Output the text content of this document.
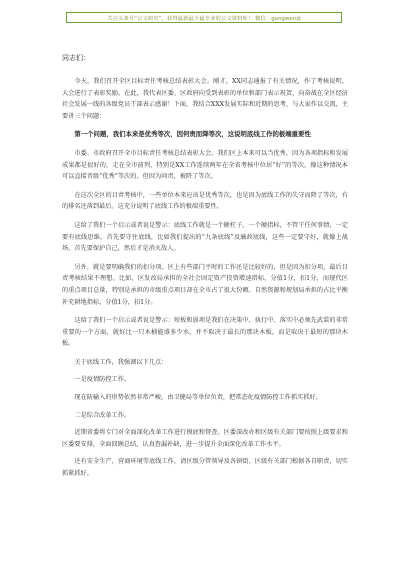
关注头条号“公文研究”，获得最新最全最专业的公文资料库！ 微信：gongwenzj
同志们：

今天，我们召开全区目标责任考核总结表彰大会。刚才，XX同志通报了有关情况，作了考核说明，大会进行了表彰奖励。在此，我代表区委、区政府向受到表彰的单位和部门表示祝贺，向奋战在全区经济社会发展一线的各级党员干部表示感谢！下面，我结合XXX发展实际和近期的思考，与大家作以交流，主要讲三个问题：

第一个问题，我们本来是优秀等次，因何贵而降等次，这说明底线工作的极端重要性

市委、市政府召开全市目标责任考核总结表彰大会。我们区上本来可以当优秀，因为各项指标和发展成果都是很好的，走在全市前列，特别是XX工作连续两年在全省考核中位居“好”的等次，像这种情况本可以直接晋级“优秀”等次的。但因为问责，被降了等次。

在这次全区的目责考核中，一些单位本来应该是优秀等次，也是因为底线工作的失守而降了等次，有的排名还落到最后。这充分说明了底线工作的极端重要性。

这给了我们一个启示或者说是警示：底线工作就是一个硬杠子、一个硬指标，不管干任何事情，一定要有底线思维，首先要守住底线，比如我们提出的“九条底线”及廉政底线，这些一定要守好，就像上战场，首先要保护自己，然后才是消灭敌人。

另外，就是要明确我们的扣分项。区上有些部门平时的工作还是比较好的，但是因为扣分项，最后目责考核结果不理想。比如，区发改局承担的全社会固定资产投资增速指标，分值1分，扣1分，而现代区的重点项目总量，特别是承担的市级重点项目却在全市占了很大份额。自然资源和规划局承担的占比平衡补充耕地指标，分值1分，扣1分。

这给了我们一个启示或者说是警示：短板和弱项是我们在决策中、执行中、落实中必须先武装的非常重要的一个方面，就好比一只木桶能盛多少水，并不取决于最长的那块木板，而是取决于最短的那块木板。

关于底线工作，我强调以下几点：

一是疫情防控工作。

现在防输入的形势依然非常严峻。由卫健局等单位负责，把常态化疫情防控工作抓实抓好。

二是综合改革工作。

近期省委将专门对全面深化改革工作进行摸底和督查。区委深改办和区级有关部门要按照上级要求和区委要安排，全面回顾总结，认真查漏补缺，进一步提升全面深化改革工作水平。

还有安全生产，营商环境等底线工作，请区级分管领导及各镇街、区级有关部门根据各自职责，切实抓紧抓好。
